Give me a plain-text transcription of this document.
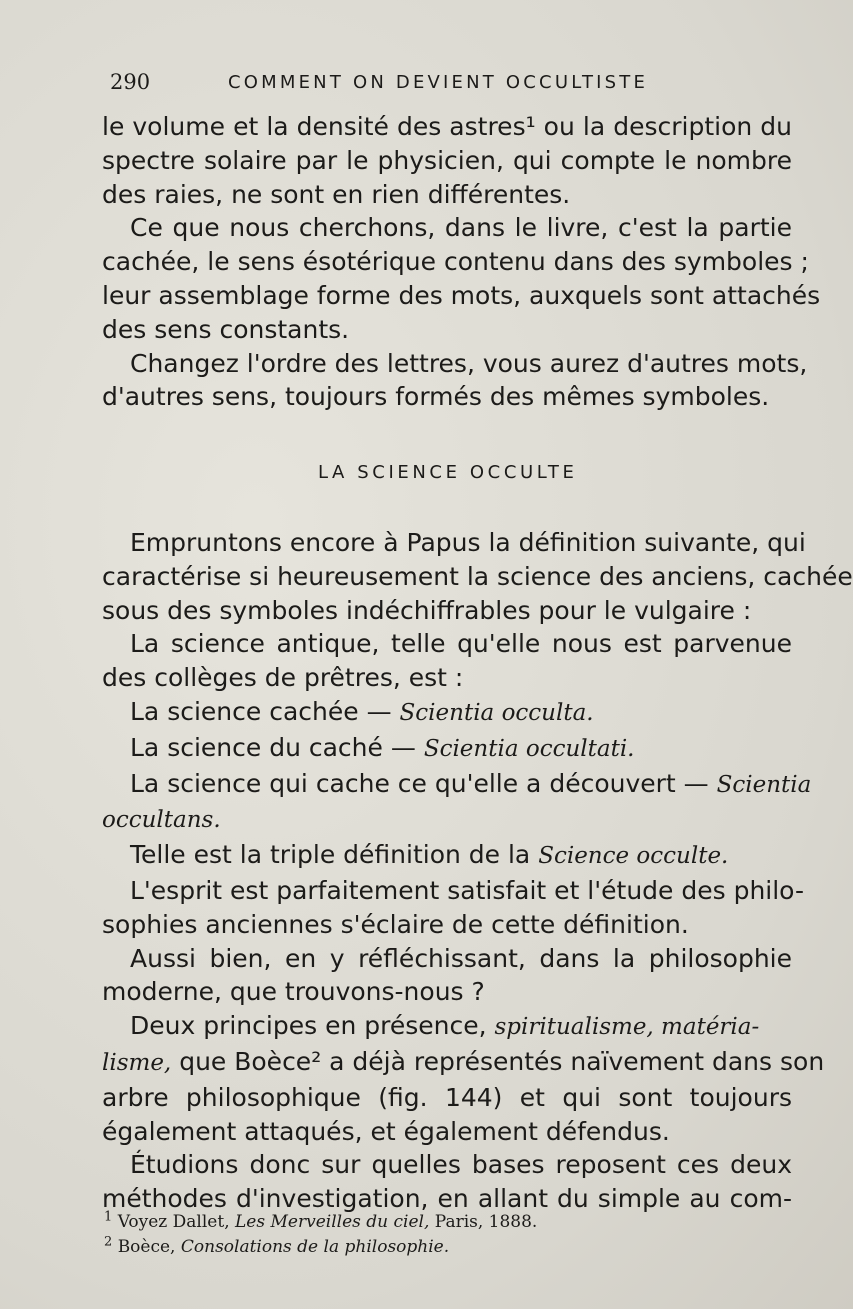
290	COMMENT ON DEVIENT OCCULTISTE
le volume et la densité des astres¹ ou la description du
spectre solaire par le physicien, qui compte le nombre
des raies, ne sont en rien différentes.
Ce que nous cherchons, dans le livre, c'est la partie
cachée, le sens ésotérique contenu dans des symboles ;
leur assemblage forme des mots, auxquels sont attachés
des sens constants.
Changez l'ordre des lettres, vous aurez d'autres mots,
d'autres sens, toujours formés des mêmes symboles.
LA SCIENCE OCCULTE
Empruntons encore à Papus la définition suivante, qui
caractérise si heureusement la science des anciens, cachée
sous des symboles indéchiffrables pour le vulgaire :
La science antique, telle qu'elle nous est parvenue
des collèges de prêtres, est :
La science cachée — Scientia occulta.
La science du caché — Scientia occultati.
La science qui cache ce qu'elle a découvert — Scientia
occultans.
Telle est la triple définition de la Science occulte.
L'esprit est parfaitement satisfait et l'étude des philo-
sophies anciennes s'éclaire de cette définition.
Aussi bien, en y réfléchissant, dans la philosophie
moderne, que trouvons-nous ?
Deux principes en présence, spiritualisme, matéria-
lisme, que Boèce² a déjà représentés naïvement dans son
arbre philosophique (fig. 144) et qui sont toujours
également attaqués, et également défendus.
Étudions donc sur quelles bases reposent ces deux
méthodes d'investigation, en allant du simple au com-
$^1$ Voyez Dallet, Les Merveilles du ciel, Paris, 1888.
$^2$ Boèce, Consolations de la philosophie.
